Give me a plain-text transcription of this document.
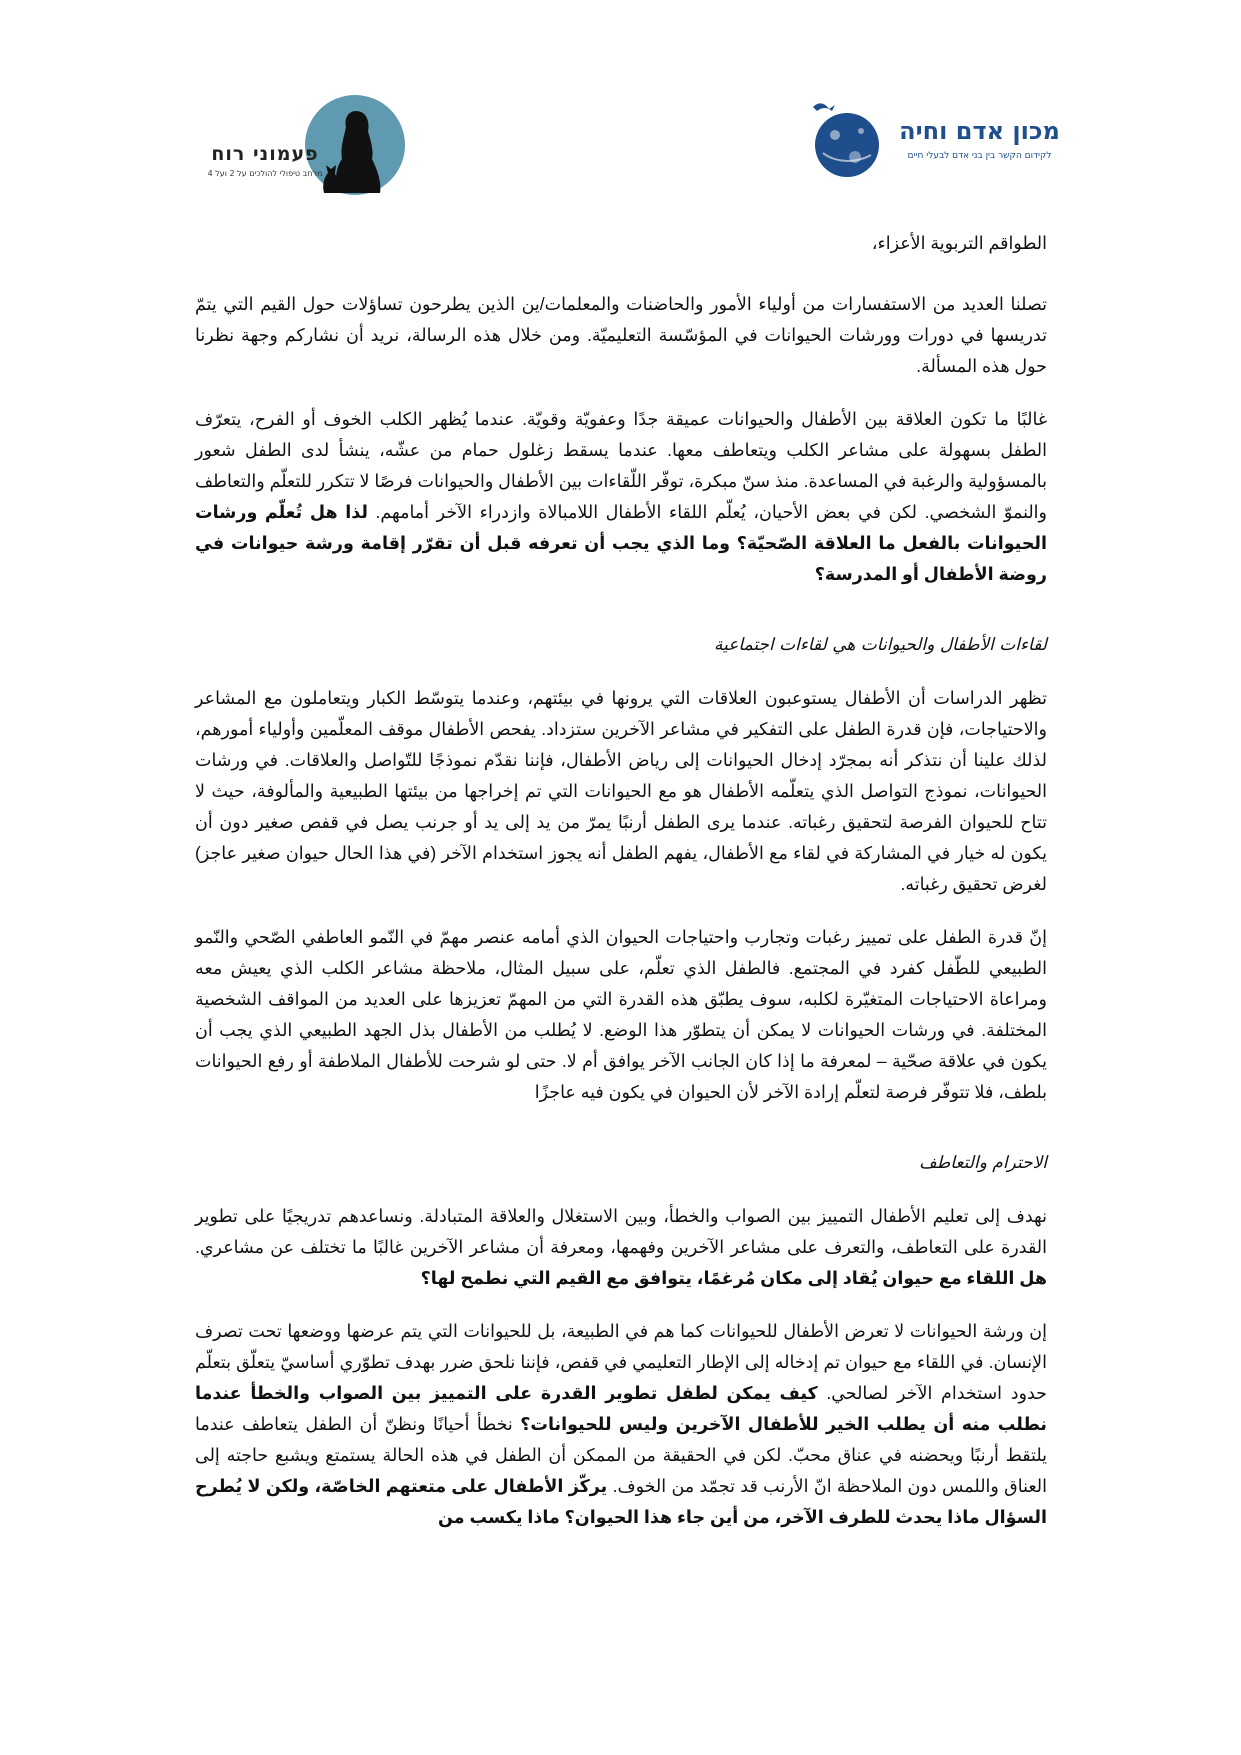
פעמוני רוח
מרחב טיפולי להולכים על 2 ועל 4
מכון אדם וחיה
לקידום הקשר בין בני אדם לבעלי חיים

الطواقم التربوية الأعزاء،

تصلنا العديد من الاستفسارات من أولياء الأمور والحاضنات والمعلمات/ين الذين يطرحون تساؤلات حول القيم التي يتمّ تدريسها في دورات وورشات الحيوانات في المؤسّسة التعليميّة. ومن خلال هذه الرسالة، نريد أن نشاركم وجهة نظرنا حول هذه المسألة.

غالبًا ما تكون العلاقة بين الأطفال والحيوانات عميقة جدًا وعفويّة وقويّة. عندما يُظهر الكلب الخوف أو الفرح، يتعرّف الطفل بسهولة على مشاعر الكلب ويتعاطف معها. عندما يسقط زغلول حمام من عشّه، ينشأ لدى الطفل شعور بالمسؤولية والرغبة في المساعدة. منذ سنّ مبكرة، توفّر اللّقاءات بين الأطفال والحيوانات فرصًا لا تتكرر للتعلّم والتعاطف والنموّ الشخصي. لكن في بعض الأحيان، يُعلّم اللقاء الأطفال اللامبالاة وازدراء الآخر أمامهم. لذا هل تُعلّم ورشات الحيوانات بالفعل ما العلاقة الصّحيّة؟ وما الذي يجب أن تعرفه قبل أن تقرّر إقامة ورشة حيوانات في روضة الأطفال أو المدرسة؟

لقاءات الأطفال والحيوانات هي لقاءات اجتماعية

تظهر الدراسات أن الأطفال يستوعبون العلاقات التي يرونها في بيئتهم، وعندما يتوسّط الكبار ويتعاملون مع المشاعر والاحتياجات، فإن قدرة الطفل على التفكير في مشاعر الآخرين ستزداد. يفحص الأطفال موقف المعلّمين وأولياء أمورهم، لذلك علينا أن نتذكر أنه بمجرّد إدخال الحيوانات إلى رياض الأطفال، فإننا نقدّم نموذجًا للتّواصل والعلاقات. في ورشات الحيوانات، نموذج التواصل الذي يتعلّمه الأطفال هو مع الحيوانات التي تم إخراجها من بيئتها الطبيعية والمألوفة، حيث لا تتاح للحيوان الفرصة لتحقيق رغباته. عندما يرى الطفل أرنبًا يمرّ من يد إلى يد أو جرنب يصل في قفص صغير دون أن يكون له خيار في المشاركة في لقاء مع الأطفال، يفهم الطفل أنه يجوز استخدام الآخر (في هذا الحال حيوان صغير عاجز) لغرض تحقيق رغباته.

إنّ قدرة الطفل على تمييز رغبات وتجارب واحتياجات الحيوان الذي أمامه عنصر مهمّ في النّمو العاطفي الصّحي والنّمو الطبيعي للطّفل كفرد في المجتمع. فالطفل الذي تعلّم، على سبيل المثال، ملاحظة مشاعر الكلب الذي يعيش معه ومراعاة الاحتياجات المتغيّرة لكلبه، سوف يطبّق هذه القدرة التي من المهمّ تعزيزها على العديد من المواقف الشخصية المختلفة. في ورشات الحيوانات لا يمكن أن يتطوّر هذا الوضع. لا يُطلب من الأطفال بذل الجهد الطبيعي الذي يجب أن يكون في علاقة صحّية – لمعرفة ما إذا كان الجانب الآخر يوافق أم لا. حتى لو شرحت للأطفال الملاطفة أو رفع الحيوانات بلطف، فلا تتوفّر فرصة لتعلّم إرادة الآخر لأن الحيوان في يكون فيه عاجزًا

الاحترام والتعاطف

نهدف إلى تعليم الأطفال التمييز بين الصواب والخطأ، وبين الاستغلال والعلاقة المتبادلة. ونساعدهم تدريجيًا على تطوير القدرة على التعاطف، والتعرف على مشاعر الآخرين وفهمها، ومعرفة أن مشاعر الآخرين غالبًا ما تختلف عن مشاعري. هل اللقاء مع حيوان يُقاد إلى مكان مُرغمًا، يتوافق مع القيم التي نطمح لها؟

إن ورشة الحيوانات لا تعرض الأطفال للحيوانات كما هم في الطبيعة، بل للحيوانات التي يتم عرضها ووضعها تحت تصرف الإنسان. في اللقاء مع حيوان تم إدخاله إلى الإطار التعليمي في قفص، فإننا نلحق ضرر بهدف تطوّري أساسيّ يتعلّق بتعلّم حدود استخدام الآخر لصالحي. كيف يمكن لطفل تطوير القدرة على التمييز بين الصواب والخطأ عندما نطلب منه أن يطلب الخير للأطفال الآخرين وليس للحيوانات؟ نخطأ أحيانًا ونظنّ أن الطفل يتعاطف عندما يلتقط أرنبًا ويحضنه في عناق محبّ. لكن في الحقيقة من الممكن أن الطفل في هذه الحالة يستمتع ويشبع حاجته إلى العناق واللمس دون الملاحظة انّ الأرنب قد تجمّد من الخوف. يركّز الأطفال على متعتهم الخاصّة، ولكن لا يُطرح السؤال ماذا يحدث للطرف الآخر، من أين جاء هذا الحيوان؟ ماذا يكسب من
